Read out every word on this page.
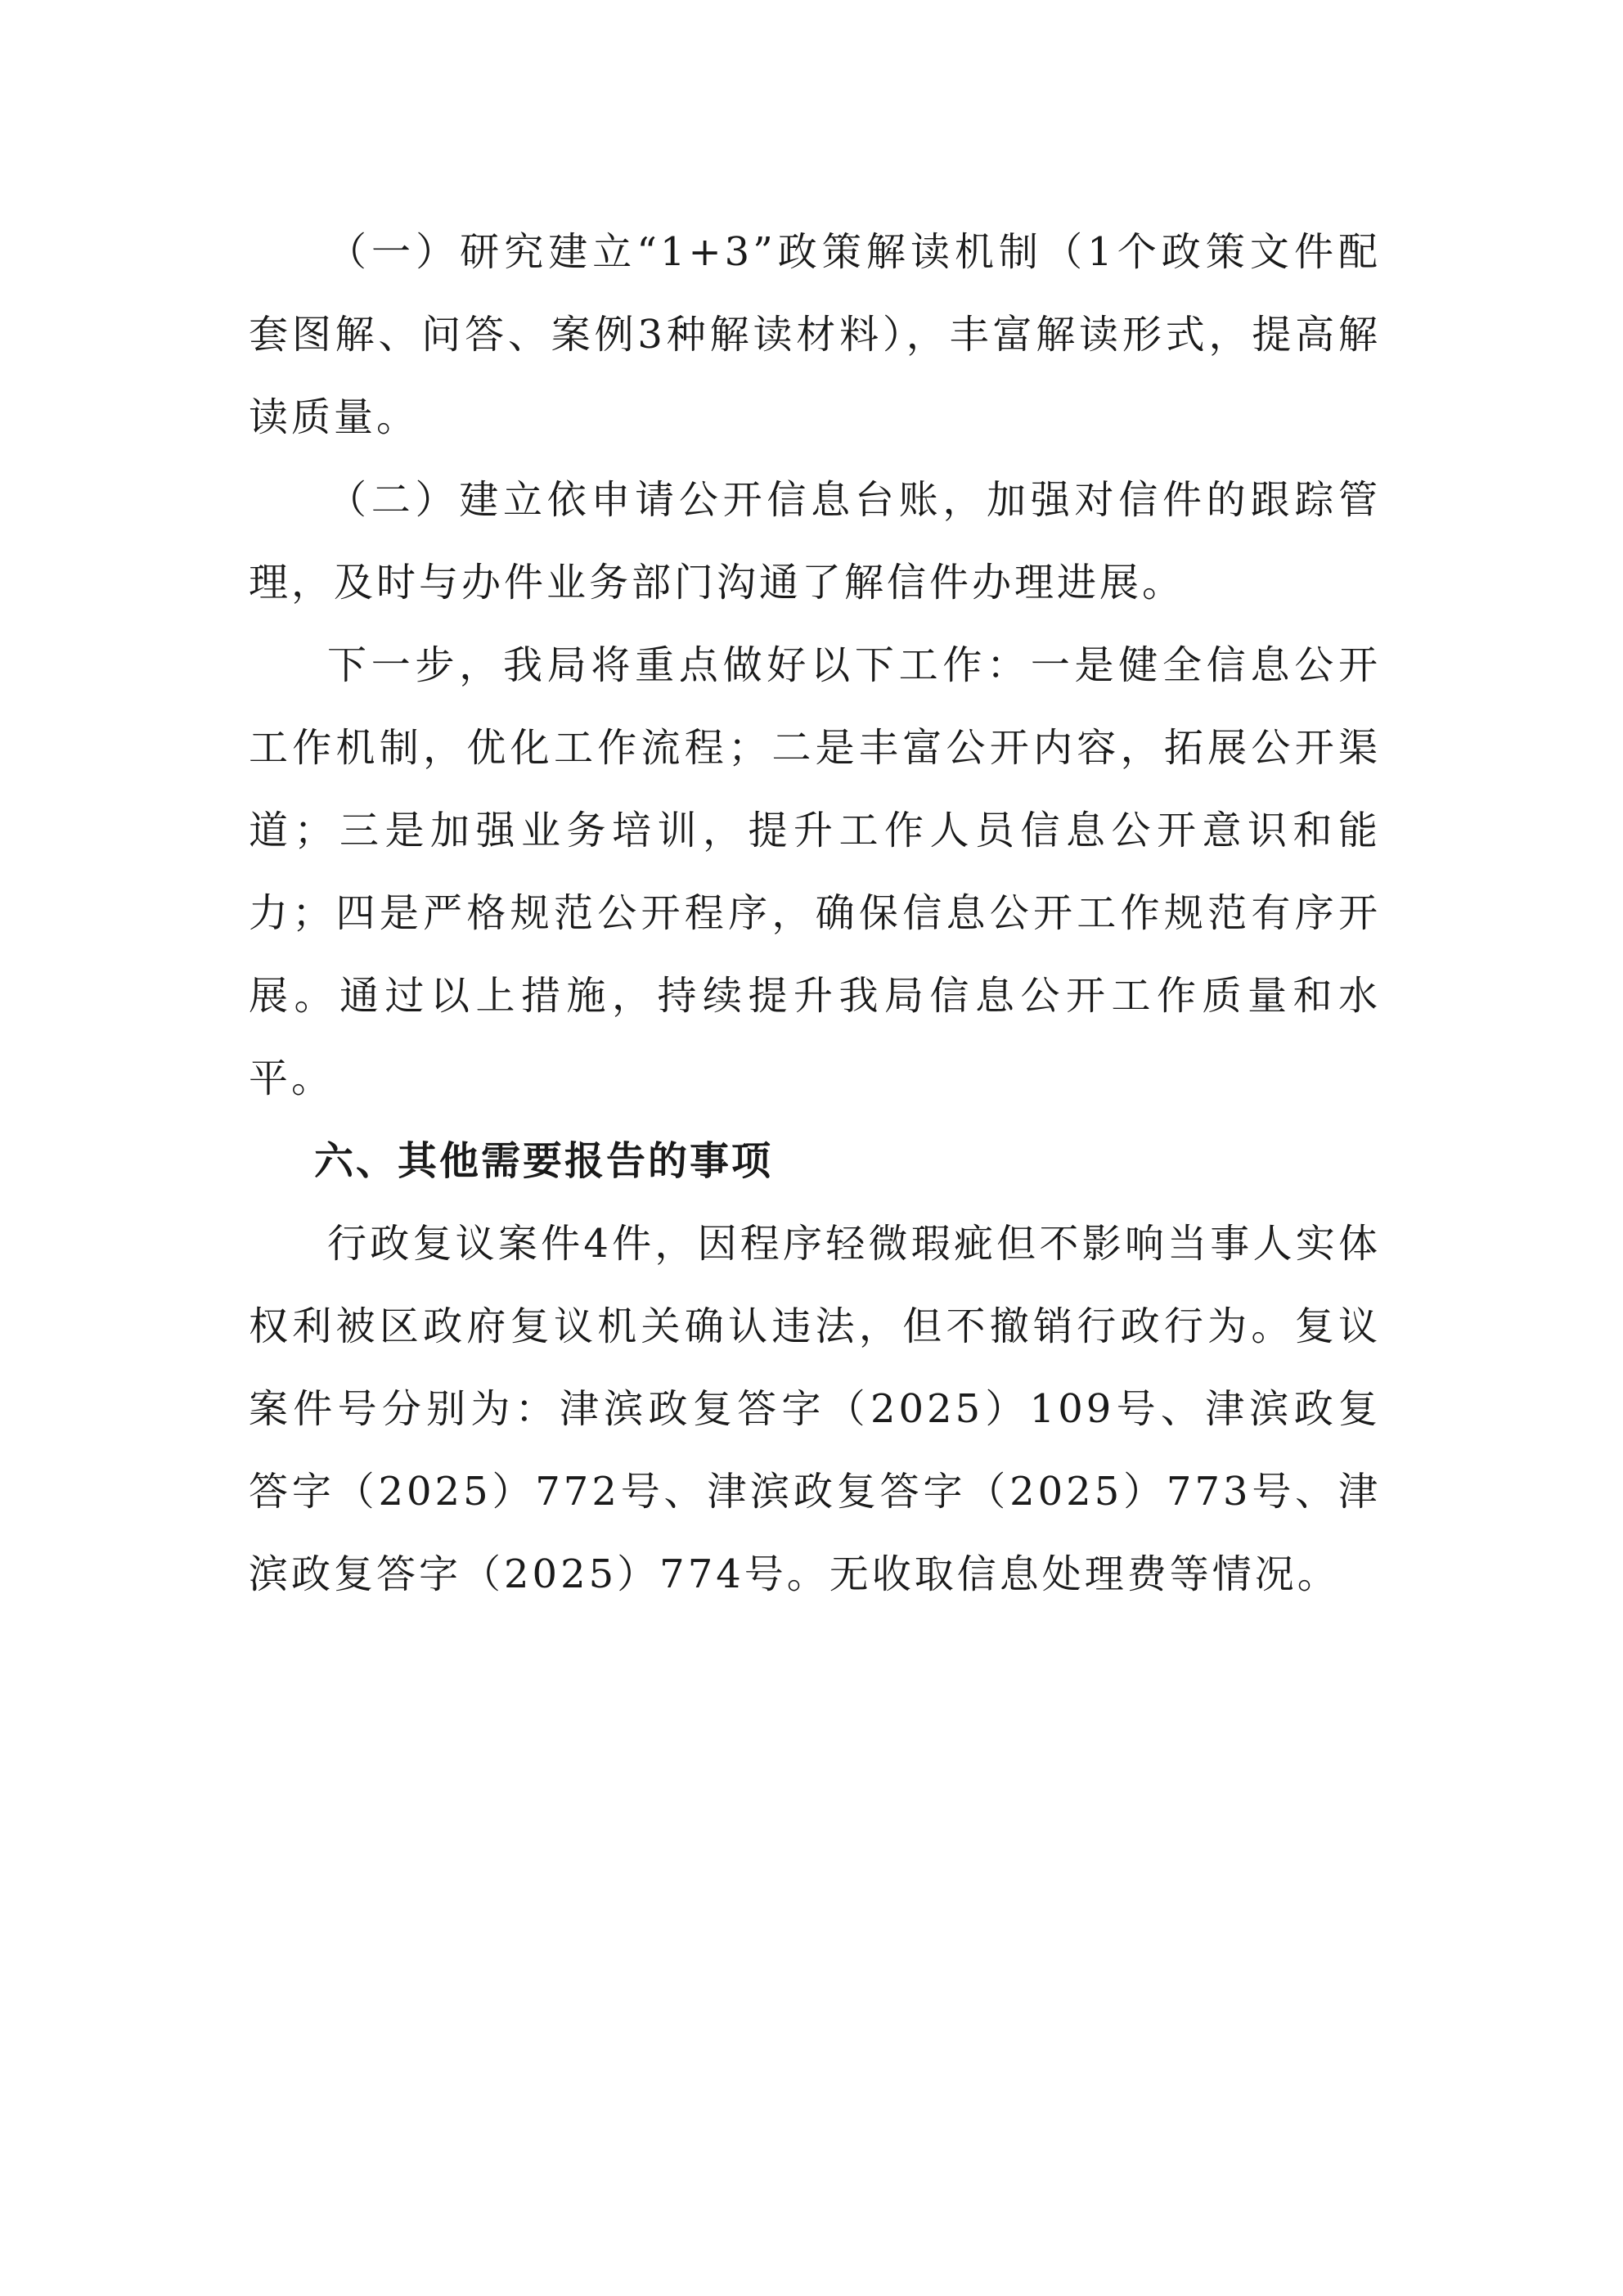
（一）研究建立“1+3”政策解读机制（1个政策文件配套图解、问答、案例3种解读材料），丰富解读形式，提高解读质量。

（二）建立依申请公开信息台账，加强对信件的跟踪管理，及时与办件业务部门沟通了解信件办理进展。

下一步，我局将重点做好以下工作：一是健全信息公开工作机制，优化工作流程；二是丰富公开内容，拓展公开渠道；三是加强业务培训，提升工作人员信息公开意识和能力；四是严格规范公开程序，确保信息公开工作规范有序开展。通过以上措施，持续提升我局信息公开工作质量和水平。

六、其他需要报告的事项

行政复议案件4件，因程序轻微瑕疵但不影响当事人实体权利被区政府复议机关确认违法，但不撤销行政行为。复议案件号分别为：津滨政复答字（2025）109号、津滨政复答字（2025）772号、津滨政复答字（2025）773号、津滨政复答字（2025）774号。无收取信息处理费等情况。
